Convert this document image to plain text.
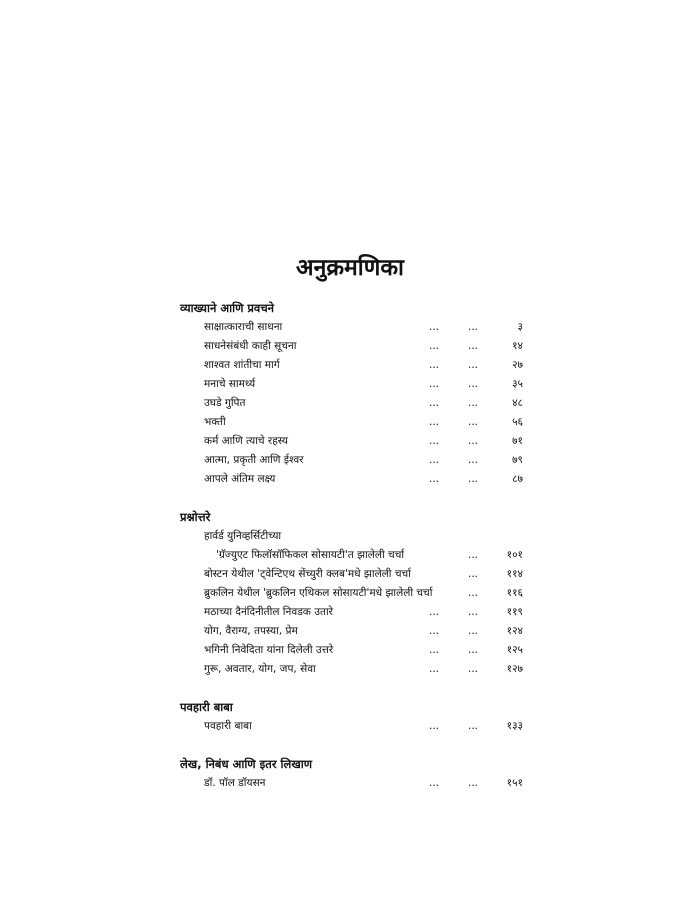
अनुक्रमणिका
व्याख्याने आणि प्रवचने
साक्षात्काराची साधना	...	...	३
साधनेसंबंधी काही सूचना	...	...	१४
शाश्वत शांतीचा मार्ग	...	...	२७
मनाचे सामर्थ्य	...	...	३५
उघडे गुपित	...	...	४८
भक्ती	...	...	५६
कर्म आणि त्याचे रहस्य	...	...	७१
आत्मा, प्रकृती आणि ईश्वर	...	...	७९
आपले अंतिम लक्ष्य	...	...	८७
प्रश्नोत्तरे
हार्वर्ड युनिव्हर्सिटीच्या
'ग्रॅज्युएट फिलॉसॉफिकल सोसायटी'त झालेली चर्चा	...	१०१
बोस्टन येथील 'ट्वेन्टिएथ सेंच्युरी क्लब'मधे झालेली चर्चा	...	११४
ब्रुकलिन येथील 'ब्रुकलिन एथिकल सोसायटी'मधे झालेली चर्चा	...	११६
मठाच्या दैनंदिनीतील निवडक उतारे	...	...	११९
योग, वैराग्य, तपस्या, प्रेम	...	...	१२४
भगिनी निवेदिता यांना दिलेली उत्तरे	...	...	१२५
गुरू, अवतार, योग, जप, सेवा	...	...	१२७
पवहारी बाबा
पवहारी बाबा	...	...	१३३
लेख, निबंध आणि इतर लिखाण
डॉ. पॉल डॉयसन	...	...	१५१
